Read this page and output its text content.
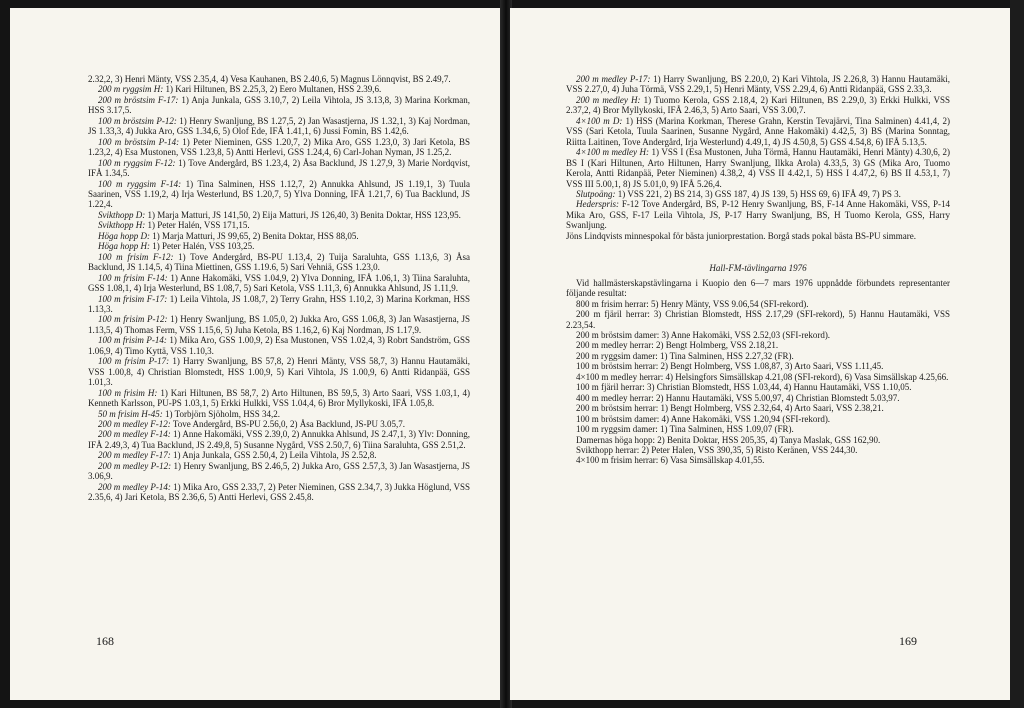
2.32,2, 3) Henri Mänty, VSS 2.35,4, 4) Vesa Kauhanen, BS 2.40,6, 5) Magnus Lönnqvist, BS 2.49,7.

200 m ryggsim H: 1) Kari Hiltunen, BS 2.25,3, 2) Eero Multanen, HSS 2.39,6.

200 m bröstsim F-17: 1) Anja Junkala, GSS 3.10,7, 2) Leila Vihtola, JS 3.13,8, 3) Marina Korkman, HSS 3.17,5.

100 m bröstsim P-12: 1) Henry Swanljung, BS 1.27,5, 2) Jan Wasastjerna, JS 1.32,1, 3) Kaj Nordman, JS 1.33,3, 4) Jukka Aro, GSS 1.34,6, 5) Olof Ede, IFÅ 1.41,1, 6) Jussi Fomin, BS 1.42,6.

100 m bröstsim P-14: 1) Peter Nieminen, GSS 1.20,7, 2) Mika Aro, GSS 1.23,0, 3) Jari Ketola, BS 1.23,2, 4) Esa Mustonen, VSS 1.23,8, 5) Antti Herlevi, GSS 1.24,4, 6) Carl-Johan Nyman, JS 1.25,2.

100 m ryggsim F-12: 1) Tove Andergård, BS 1.23,4, 2) Åsa Backlund, JS 1.27,9, 3) Marie Nordqvist, IFÅ 1.34,5.

100 m ryggsim F-14: 1) Tina Salminen, HSS 1.12,7, 2) Annukka Ahlsund, JS 1.19,1, 3) Tuula Saarinen, VSS 1.19,2, 4) Irja Westerlund, BS 1.20,7, 5) Ylva Donning, IFÅ 1.21,7, 6) Tua Backlund, JS 1.22,4.

Svikthopp D: 1) Marja Matturi, JS 141,50, 2) Eija Matturi, JS 126,40, 3) Benita Doktar, HSS 123,95.

Svikthopp H: 1) Peter Halén, VSS 171,15.

Höga hopp D: 1) Marja Matturi, JS 99,65, 2) Benita Doktar, HSS 88,05.

Höga hopp H: 1) Peter Halén, VSS 103,25.

100 m frisim F-12: 1) Tove Andergård, BS-PU 1.13,4, 2) Tuija Saraluhta, GSS 1.13,6, 3) Åsa Backlund, JS 1.14,5, 4) Tiina Miettinen, GSS 1.19.6, 5) Sari Vehniä, GSS 1.23,0.

100 m frisim F-14: 1) Anne Hakomäki, VSS 1.04,9, 2) Ylva Donning, IFÅ 1.06,1, 3) Tiina Saraluhta, GSS 1.08,1, 4) Irja Westerlund, BS 1.08,7, 5) Sari Ketola, VSS 1.11,3, 6) Annukka Ahlsund, JS 1.11,9.

100 m frisim F-17: 1) Leila Vihtola, JS 1.08,7, 2) Terry Grahn, HSS 1.10,2, 3) Marina Korkman, HSS 1.13,3.

100 m frisim P-12: 1) Henry Swanljung, BS 1.05,0, 2) Jukka Aro, GSS 1.06,8, 3) Jan Wasastjerna, JS 1.13,5, 4) Thomas Ferm, VSS 1.15,6, 5) Juha Ketola, BS 1.16,2, 6) Kaj Nordman, JS 1.17,9.

100 m frisim P-14: 1) Mika Aro, GSS 1.00,9, 2) Esa Mustonen, VSS 1.02,4, 3) Robrt Sandström, GSS 1.06,9, 4) Timo Kyttä, VSS 1.10,3.

100 m frisim P-17: 1) Harry Swanljung, BS 57,8, 2) Henri Mänty, VSS 58,7, 3) Hannu Hautamäki, VSS 1.00,8, 4) Christian Blomstedt, HSS 1.00,9, 5) Kari Vihtola, JS 1.00,9, 6) Antti Ridanpää, GSS 1.01,3.

100 m frisim H: 1) Kari Hiltunen, BS 58,7, 2) Arto Hiltunen, BS 59,5, 3) Arto Saari, VSS 1.03,1, 4) Kenneth Karlsson, PU-PS 1.03,1, 5) Erkki Hulkki, VSS 1.04,4, 6) Bror Myllykoski, IFÅ 1.05,8.

50 m frisim H-45: 1) Torbjörn Sjöholm, HSS 34,2.

200 m medley F-12: Tove Andergård, BS-PU 2.56,0, 2) Åsa Backlund, JS-PU 3.05,7.

200 m medley F-14: 1) Anne Hakomäki, VSS 2.39,0, 2) Annukka Ahlsund, JS 2.47,1, 3) Ylv: Donning, IFÅ 2.49,3, 4) Tua Backlund, JS 2.49,8, 5) Susanne Nygård, VSS 2.50,7, 6) Tiina Saraluhta, GSS 2.51,2.

200 m medley F-17: 1) Anja Junkala, GSS 2.50,4, 2) Leila Vihtola, JS 2.52,8.

200 m medley P-12: 1) Henry Swanljung, BS 2.46,5, 2) Jukka Aro, GSS 2.57,3, 3) Jan Wasastjerna, JS 3.06,9.

200 m medley P-14: 1) Mika Aro, GSS 2.33,7, 2) Peter Nieminen, GSS 2.34,7, 3) Jukka Höglund, VSS 2.35,6, 4) Jari Ketola, BS 2.36,6, 5) Antti Herlevi, GSS 2.45,8.

168

200 m medley P-17: 1) Harry Swanljung, BS 2.20,0, 2) Kari Vihtola, JS 2.26,8, 3) Hannu Hautamäki, VSS 2.27,0, 4) Juha Törmä, VSS 2.29,1, 5) Henri Mänty, VSS 2.29,4, 6) Antti Ridanpää, GSS 2.33,3.

200 m medley H: 1) Tuomo Kerola, GSS 2.18,4, 2) Kari Hiltunen, BS 2.29,0, 3) Erkki Hulkki, VSS 2.37,2, 4) Bror Myllykoski, IFÅ 2.46,3, 5) Arto Saari, VSS 3.00,7.

4×100 m D: 1) HSS (Marina Korkman, Therese Grahn, Kerstin Tevajärvi, Tina Salminen) 4.41,4, 2) VSS (Sari Ketola, Tuula Saarinen, Susanne Nygård, Anne Hakomäki) 4.42,5, 3) BS (Marina Sonntag, Riitta Laitinen, Tove Andergård, Irja Westerlund) 4.49,1, 4) JS 4.50,8, 5) GSS 4.54,8, 6) IFÅ 5.13,5.

4×100 m medley H: 1) VSS I (Esa Mustonen, Juha Törmä, Hannu Hautamäki, Henri Mänty) 4.30,6, 2) BS I (Kari Hiltunen, Arto Hiltunen, Harry Swanljung, Ilkka Arola) 4.33,5, 3) GS (Mika Aro, Tuomo Kerola, Antti Ridanpää, Peter Nieminen) 4.38,2, 4) VSS II 4.42,1, 5) HSS I 4.47,2, 6) BS II 4.53,1, 7) VSS III 5.00,1, 8) JS 5.01,0, 9) IFÅ 5.26,4.

Slutpoäng: 1) VSS 221, 2) BS 214, 3) GSS 187, 4) JS 139, 5) HSS 69, 6) IFÅ 49, 7) PS 3.

Hederspris: F-12 Tove Andergård, BS, P-12 Henry Swanljung, BS, F-14 Anne Hakomäki, VSS, P-14 Mika Aro, GSS, F-17 Leila Vihtola, JS, P-17 Harry Swanljung, BS, H Tuomo Kerola, GSS, Harry Swanljung.

Jöns Lindqvists minnespokal för bästa juniorprestation. Borgå stads pokal bästa BS-PU simmare.

Hall-FM-tävlingarna 1976

Vid hallmästerskapstävlingarna i Kuopio den 6—7 mars 1976 uppnådde förbundets representanter följande resultat:

800 m frisim herrar: 5) Henry Mänty, VSS 9.06,54 (SFI-rekord).

200 m fjäril herrar: 3) Christian Blomstedt, HSS 2.17,29 (SFI-rekord), 5) Hannu Hautamäki, VSS 2.23,54.

200 m bröstsim damer: 3) Anne Hakomäki, VSS 2.52,03 (SFI-rekord).

200 m medley herrar: 2) Bengt Holmberg, VSS 2.18,21.

200 m ryggsim damer: 1) Tina Salminen, HSS 2.27,32 (FR).

100 m bröstsim herrar: 2) Bengt Holmberg, VSS 1.08,87, 3) Arto Saari, VSS 1.11,45.

4×100 m medley herrar: 4) Helsingfors Simsällskap 4.21,08 (SFI-rekord), 6) Vasa Simsällskap 4.25,66.

100 m fjäril herrar: 3) Christian Blomstedt, HSS 1.03,44, 4) Hannu Hautamäki, VSS 1.10,05.

400 m medley herrar: 2) Hannu Hautamäki, VSS 5.00,97, 4) Christian Blomstedt 5.03,97.

200 m bröstsim herrar: 1) Bengt Holmberg, VSS 2.32,64, 4) Arto Saari, VSS 2.38,21.

100 m bröstsim damer: 4) Anne Hakomäki, VSS 1.20,94 (SFI-rekord).

100 m ryggsim damer: 1) Tina Salminen, HSS 1.09,07 (FR).

Damernas höga hopp: 2) Benita Doktar, HSS 205,35, 4) Tanya Maslak, GSS 162,90.

Svikthopp herrar: 2) Peter Halen, VSS 390,35, 5) Risto Keränen, VSS 244,30.

4×100 m frisim herrar: 6) Vasa Simsällskap 4.01,55.

169
